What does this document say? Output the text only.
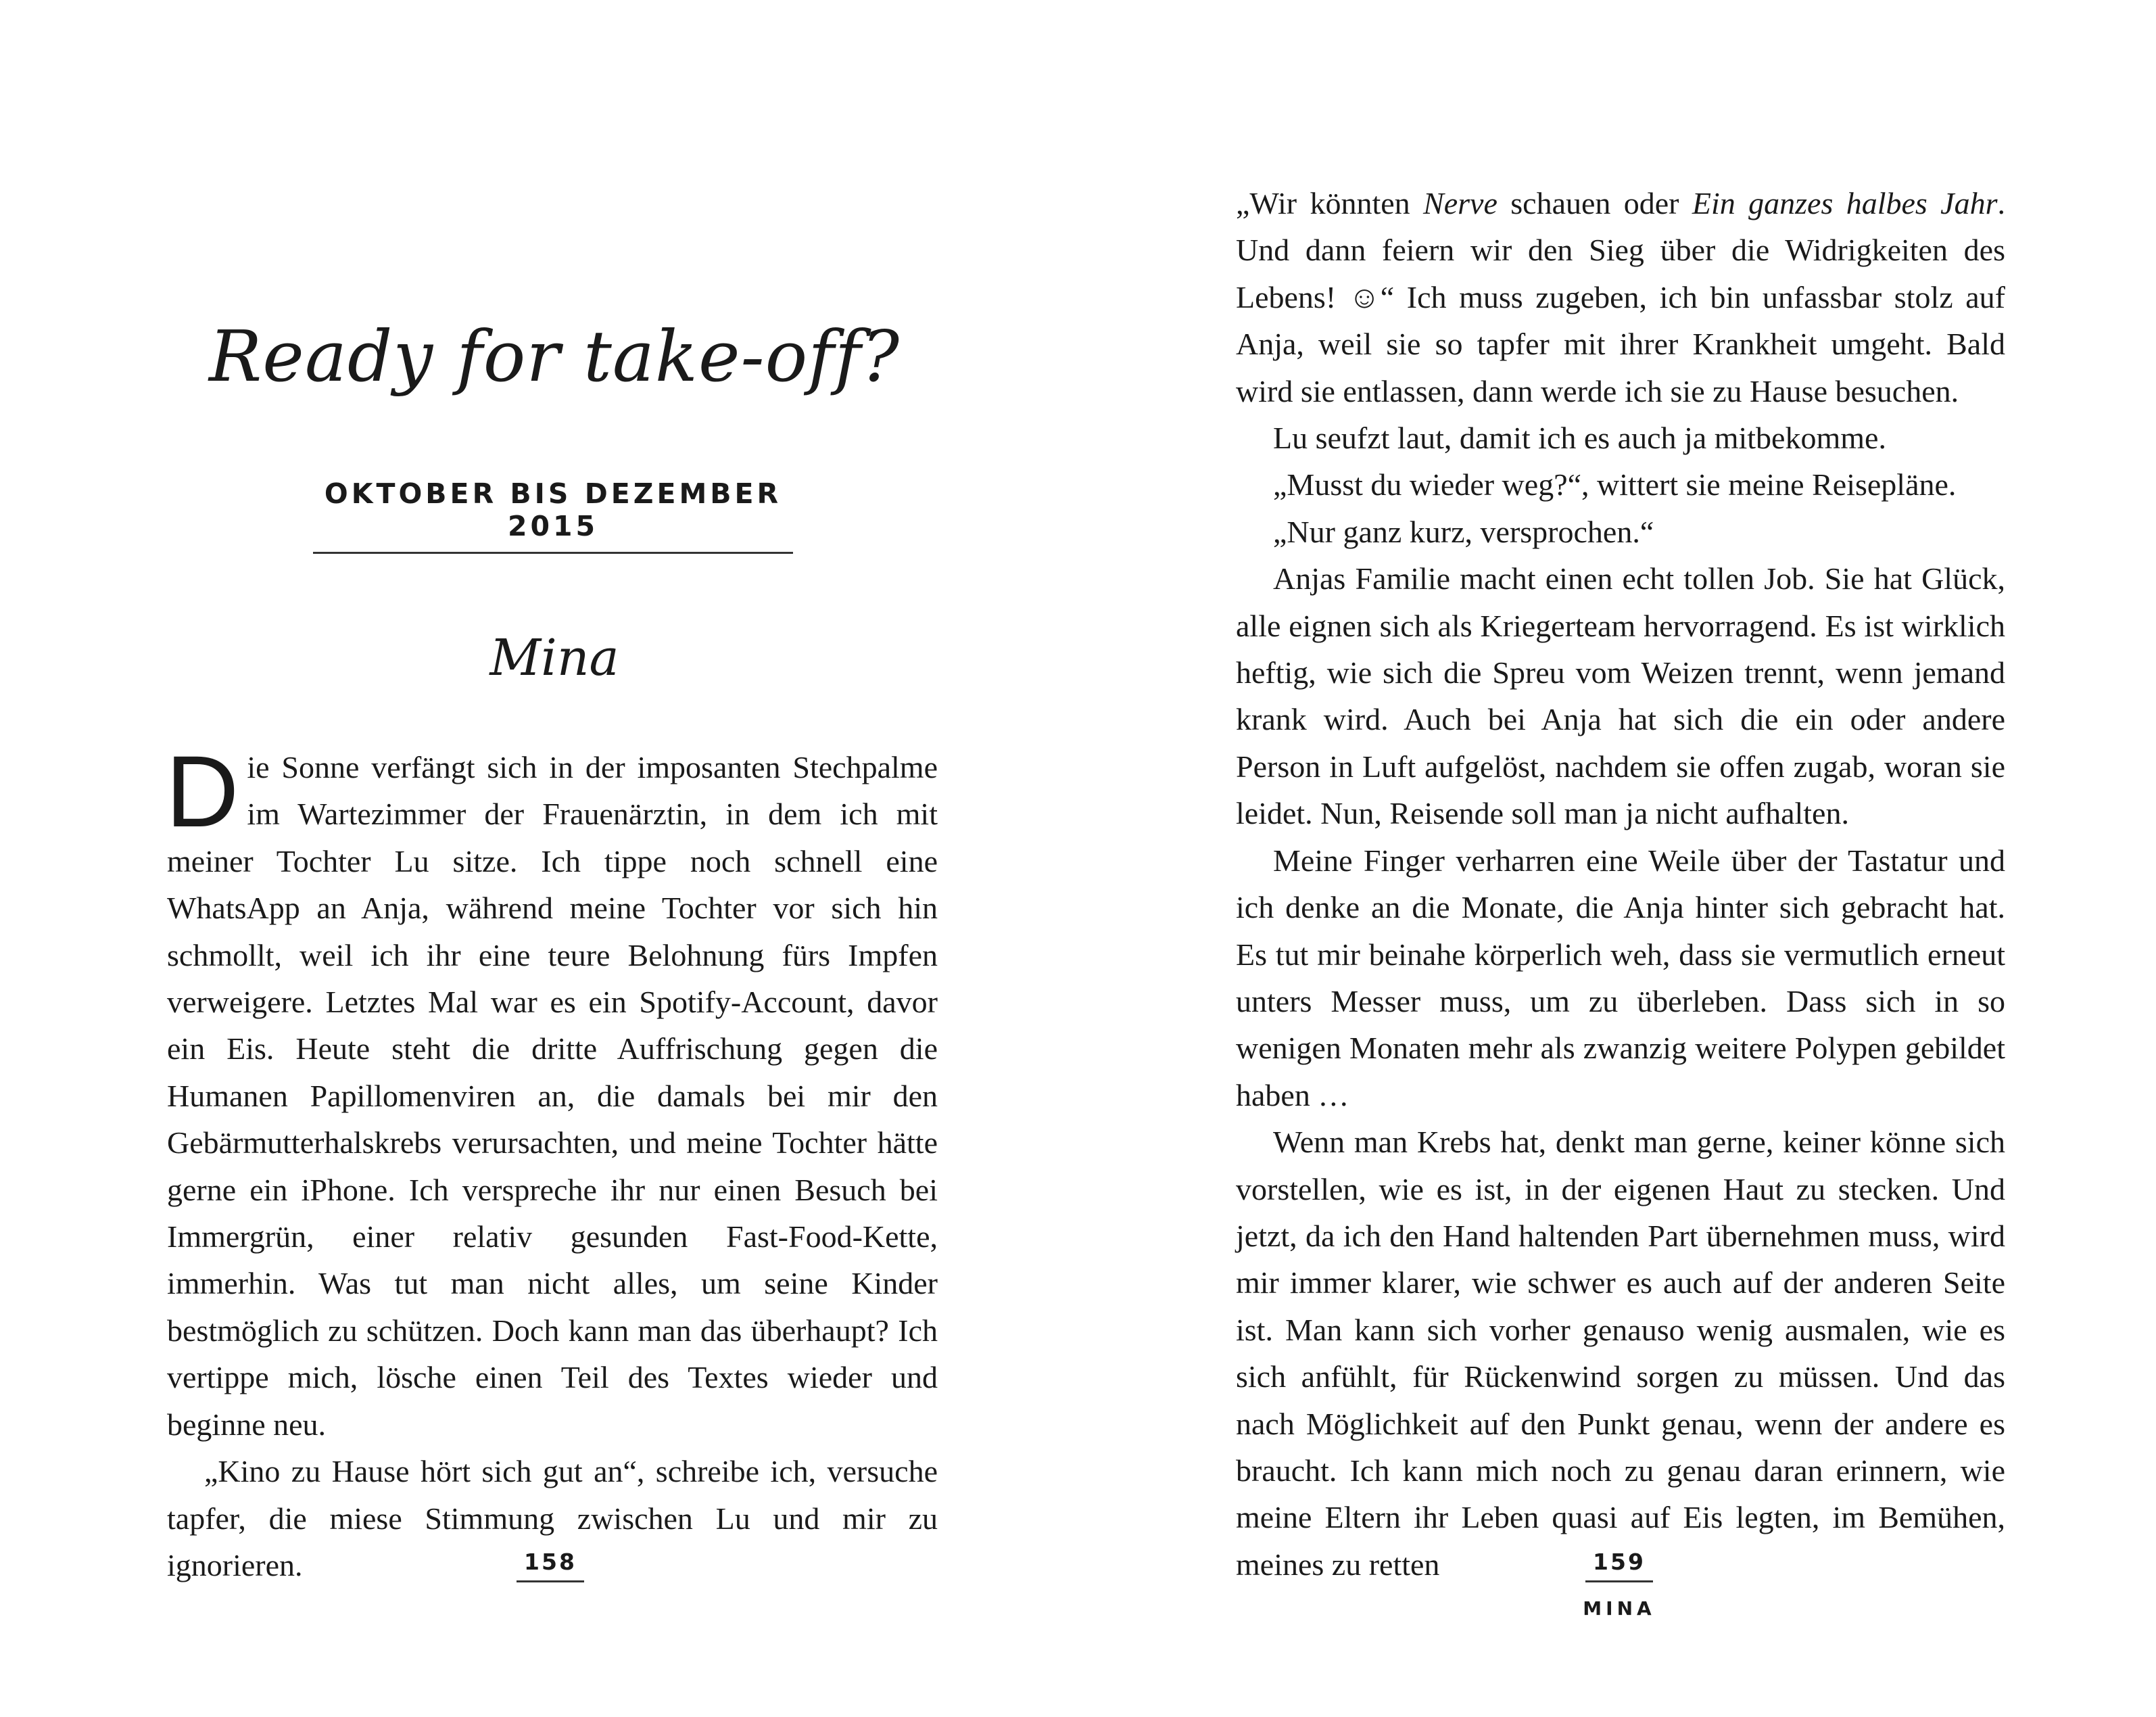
Ready for take-off?
OKTOBER BIS DEZEMBER 2015
Mina

Die Sonne verfängt sich in der imposanten Stechpalme im Wartezimmer der Frauenärztin, in dem ich mit meiner Tochter Lu sitze. Ich tippe noch schnell eine WhatsApp an Anja, während meine Tochter vor sich hin schmollt, weil ich ihr eine teure Belohnung fürs Impfen verweigere. Letztes Mal war es ein Spotify-Account, davor ein Eis. Heute steht die dritte Auffrischung gegen die Humanen Papillomenviren an, die damals bei mir den Gebärmutterhalskrebs verursachten, und meine Tochter hätte gerne ein iPhone. Ich verspreche ihr nur einen Besuch bei Immergrün, einer relativ gesunden Fast-Food-Kette, immerhin. Was tut man nicht alles, um seine Kinder bestmöglich zu schützen. Doch kann man das überhaupt? Ich vertippe mich, lösche einen Teil des Textes wieder und beginne neu.

„Kino zu Hause hört sich gut an“, schreibe ich, versuche tapfer, die miese Stimmung zwischen Lu und mir zu ignorieren.	158

„Wir könnten Nerve schauen oder Ein ganzes halbes Jahr. Und dann feiern wir den Sieg über die Widrigkeiten des Lebens! ☺“ Ich muss zugeben, ich bin unfassbar stolz auf Anja, weil sie so tapfer mit ihrer Krankheit umgeht. Bald wird sie entlassen, dann werde ich sie zu Hause besuchen.

Lu seufzt laut, damit ich es auch ja mitbekomme.

„Musst du wieder weg?“, wittert sie meine Reisepläne.

„Nur ganz kurz, versprochen.“

Anjas Familie macht einen echt tollen Job. Sie hat Glück, alle eignen sich als Kriegerteam hervorragend. Es ist wirklich heftig, wie sich die Spreu vom Weizen trennt, wenn jemand krank wird. Auch bei Anja hat sich die ein oder andere Person in Luft aufgelöst, nachdem sie offen zugab, woran sie leidet. Nun, Reisende soll man ja nicht aufhalten.

Meine Finger verharren eine Weile über der Tastatur und ich denke an die Monate, die Anja hinter sich gebracht hat. Es tut mir beinahe körperlich weh, dass sie vermutlich erneut unters Messer muss, um zu überleben. Dass sich in so wenigen Monaten mehr als zwanzig weitere Polypen gebildet haben …

Wenn man Krebs hat, denkt man gerne, keiner könne sich vorstellen, wie es ist, in der eigenen Haut zu stecken. Und jetzt, da ich den Hand haltenden Part übernehmen muss, wird mir immer klarer, wie schwer es auch auf der anderen Seite ist. Man kann sich vorher genauso wenig ausmalen, wie es sich anfühlt, für Rückenwind sorgen zu müssen. Und das nach Möglichkeit auf den Punkt genau, wenn der andere es braucht. Ich kann mich noch zu genau daran erinnern, wie meine Eltern ihr Leben quasi auf Eis legten, im Bemühen, meines zu retten	159
MINA
